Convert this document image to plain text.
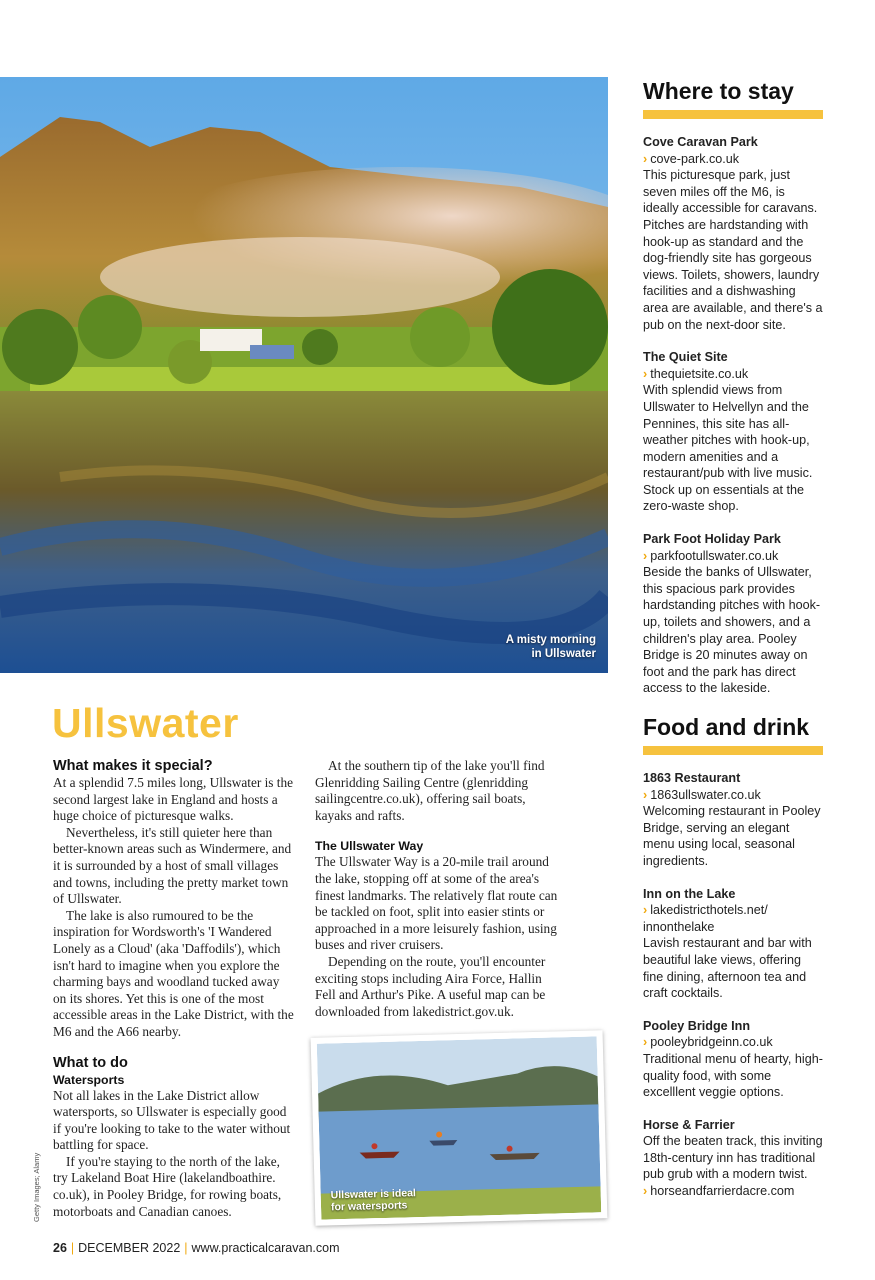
A misty morning
in Ullswater
Where to stay
Cove Caravan Park
› cove-park.co.uk
This picturesque park, just seven miles off the M6, is ideally accessible for caravans. Pitches are hardstanding with hook-up as standard and the dog-friendly site has gorgeous views. Toilets, showers, laundry facilities and a dishwashing area are available, and there's a pub on the next-door site.
The Quiet Site
› thequietsite.co.uk
With splendid views from Ullswater to Helvellyn and the Pennines, this site has all-weather pitches with hook-up, modern amenities and a restaurant/pub with live music. Stock up on essentials at the zero-waste shop.
Park Foot Holiday Park
› parkfootullswater.co.uk
Beside the banks of Ullswater, this spacious park provides hardstanding pitches with hook-up, toilets and showers, and a children's play area. Pooley Bridge is 20 minutes away on foot and the park has direct access to the lakeside.
Food and drink
1863 Restaurant
› 1863ullswater.co.uk
Welcoming restaurant in Pooley Bridge, serving an elegant menu using local, seasonal ingredients.
Inn on the Lake
› lakedistricthotels.net/ innonthelake
Lavish restaurant and bar with beautiful lake views, offering fine dining, afternoon tea and craft cocktails.
Pooley Bridge Inn
› pooleybridgeinn.co.uk
Traditional menu of hearty, high-quality food, with some excelllent veggie options.
Horse & Farrier
Off the beaten track, this inviting 18th-century inn has traditional pub grub with a modern twist.
› horseandfarrierdacre.com
Ullswater
What makes it special?

At a splendid 7.5 miles long, Ullswater is the second largest lake in England and hosts a huge choice of picturesque walks.

Nevertheless, it's still quieter here than better-known areas such as Windermere, and it is surrounded by a host of small villages and towns, including the pretty market town of Ullswater.

The lake is also rumoured to be the inspiration for Wordsworth's 'I Wandered Lonely as a Cloud' (aka 'Daffodils'), which isn't hard to imagine when you explore the charming bays and woodland tucked away on its shores. Yet this is one of the most accessible areas in the Lake District, with the M6 and the A66 nearby.

What to do
Watersports

Not all lakes in the Lake District allow watersports, so Ullswater is especially good if you're looking to take to the water without battling for space.

If you're staying to the north of the lake, try Lakeland Boat Hire (lakelandboathire. co.uk), in Pooley Bridge, for rowing boats, motorboats and Canadian canoes.

At the southern tip of the lake you'll find Glenridding Sailing Centre (glenridding sailingcentre.co.uk), offering sail boats, kayaks and rafts.

The Ullswater Way

The Ullswater Way is a 20-mile trail around the lake, stopping off at some of the area's finest landmarks. The relatively flat route can be tackled on foot, split into easier stints or approached in a more leisurely fashion, using buses and river cruisers.

Depending on the route, you'll encounter exciting stops including Aira Force, Hallin Fell and Arthur's Pike. A useful map can be downloaded from lakedistrict.gov.uk.

Ullswater is ideal
for watersports
Getty Images; Alamy
26 | DECEMBER 2022 | www.practicalcaravan.com
